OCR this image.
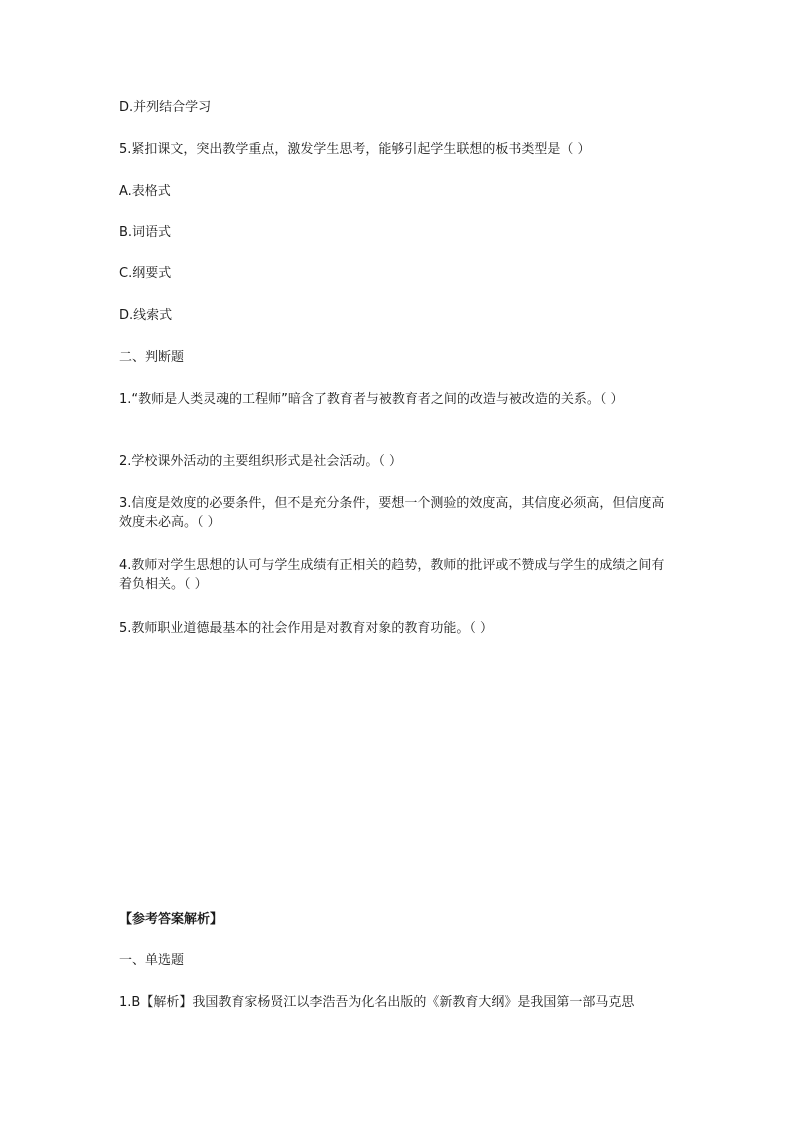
D.并列结合学习
5.紧扣课文，突出教学重点，激发学生思考，能够引起学生联想的板书类型是（ ）
A.表格式
B.词语式
C.纲要式
D.线索式
二、判断题
1.“教师是人类灵魂的工程师”暗含了教育者与被教育者之间的改造与被改造的关系。（ ）
2.学校课外活动的主要组织形式是社会活动。（ ）
3.信度是效度的必要条件，但不是充分条件，要想一个测验的效度高，其信度必须高，但信度高效度未必高。（ ）
4.教师对学生思想的认可与学生成绩有正相关的趋势，教师的批评或不赞成与学生的成绩之间有着负相关。（ ）
5.教师职业道德最基本的社会作用是对教育对象的教育功能。（ ）
【参考答案解析】
一、单选题
1.B【解析】我国教育家杨贤江以李浩吾为化名出版的《新教育大纲》是我国第一部马克思
